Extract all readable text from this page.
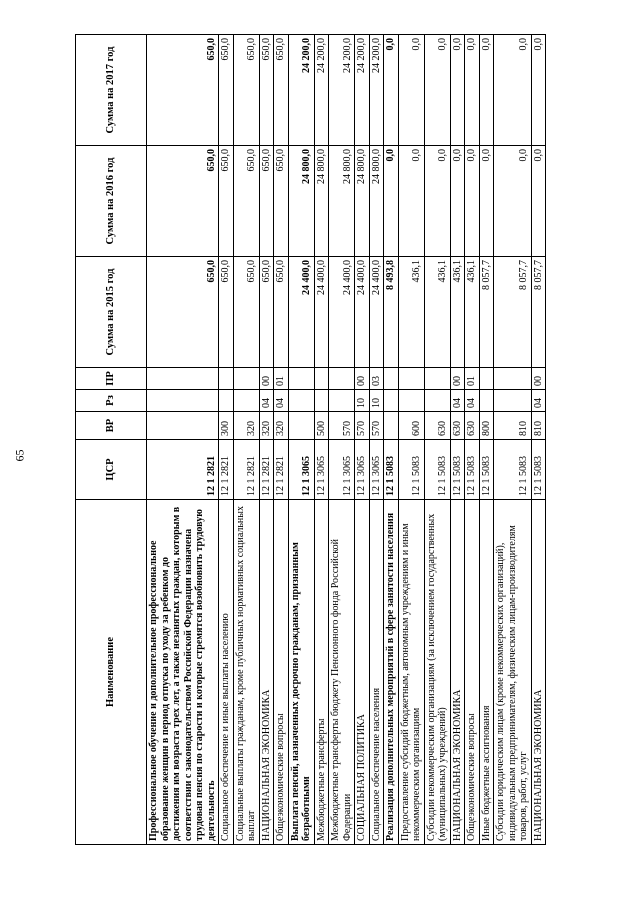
65
Наименование	ЦСР	ВР	Рз	ПР	Сумма на 2015 год	Сумма на 2016 год	Сумма на 2017 год
Профессиональное обучение и дополнительное профессиональное образование женщин в период отпуска по уходу за ребенком до достижения им возраста трех лет, а также незанятых граждан, которым в соответствии с законодательством Российской Федерации назначена трудовая пенсия по старости и которые стремятся возобновить трудовую деятельность	12 1 2821				650,0	650,0	650,0
Социальное обеспечение и иные выплаты населению	12 1 2821	300			650,0	650,0	650,0
Социальные выплаты гражданам, кроме публичных нормативных социальных выплат	12 1 2821	320			650,0	650,0	650,0
НАЦИОНАЛЬНАЯ ЭКОНОМИКА	12 1 2821	320	04	00	650,0	650,0	650,0
Общеэкономические вопросы	12 1 2821	320	04	01	650,0	650,0	650,0
Выплата пенсий, назначенных досрочно гражданам, признанным безработными	12 1 3065				24 400,0	24 800,0	24 200,0
Межбюджетные трансферты	12 1 3065	500			24 400,0	24 800,0	24 200,0
Межбюджетные трансферты бюджету Пенсионного фонда Российской Федерации	12 1 3065	570			24 400,0	24 800,0	24 200,0
СОЦИАЛЬНАЯ ПОЛИТИКА	12 1 3065	570	10	00	24 400,0	24 800,0	24 200,0
Социальное обеспечение населения	12 1 3065	570	10	03	24 400,0	24 800,0	24 200,0
Реализация дополнительных мероприятий в сфере занятости населения	12 1 5083				8 493,8	0,0	0,0
Предоставление субсидий бюджетным, автономным учреждениям и иным некоммерческим организациям	12 1 5083	600			436,1	0,0	0,0
Субсидии некоммерческим организациям (за исключением государственных (муниципальных) учреждений)	12 1 5083	630			436,1	0,0	0,0
НАЦИОНАЛЬНАЯ ЭКОНОМИКА	12 1 5083	630	04	00	436,1	0,0	0,0
Общеэкономические вопросы	12 1 5083	630	04	01	436,1	0,0	0,0
Иные бюджетные ассигнования	12 1 5083	800			8 057,7	0,0	0,0
Субсидии юридическим лицам (кроме некоммерческих организаций), индивидуальным предпринимателям, физическим лицам-производителям товаров, работ, услуг	12 1 5083	810			8 057,7	0,0	0,0
НАЦИОНАЛЬНАЯ ЭКОНОМИКА	12 1 5083	810	04	00	8 057,7	0,0	0,0
